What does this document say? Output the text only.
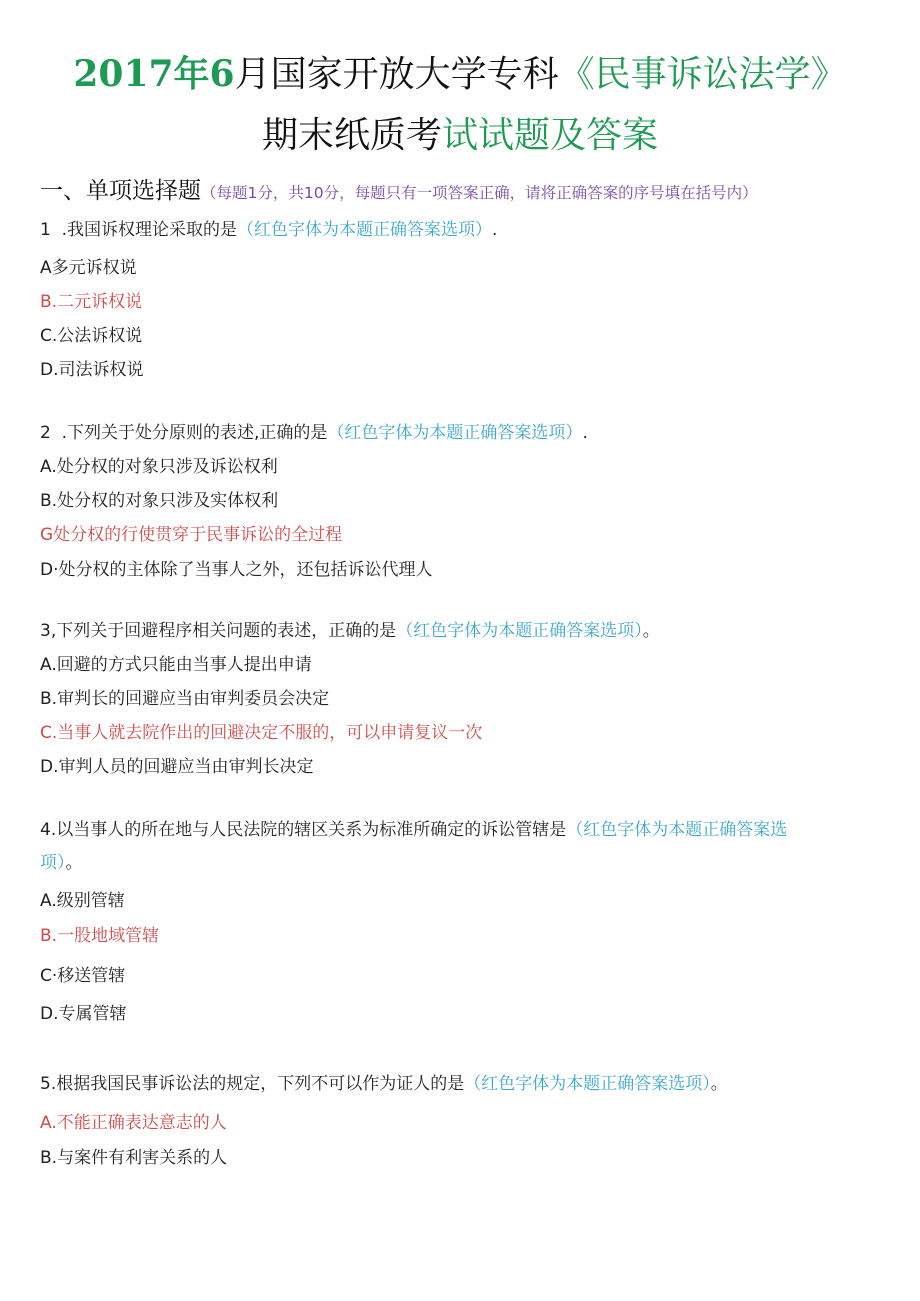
2017年6月国家开放大学专科《民事诉讼法学》
期末纸质考试试题及答案
一、单项选择题（每题1分，共10分，每题只有一项答案正确，请将正确答案的序号填在括号内）
1  .我国诉权理论采取的是（红色字体为本题正确答案选项）.
A多元诉权说
B.二元诉权说
C.公法诉权说
D.司法诉权说
2  .下列关于处分原则的表述,正确的是（红色字体为本题正确答案选项）.
A.处分权的对象只涉及诉讼权利
B.处分权的对象只涉及实体权利
G处分权的行使贯穿于民事诉讼的全过程
D·处分权的主体除了当事人之外，还包括诉讼代理人
3,下列关于回避程序相关问题的表述，正确的是（红色字体为本题正确答案选项）。
A.回避的方式只能由当事人提出申请
B.审判长的回避应当由审判委员会决定
C.当事人就去院作出的回避决定不服的，可以申请复议一次
D.审判人员的回避应当由审判长决定
4.以当事人的所在地与人民法院的辖区关系为标准所确定的诉讼管辖是（红色字体为本题正确答案选
项）。
A.级别管辖
B.一股地域管辖
C·移送管辖
D.专属管辖
5.根据我国民事诉讼法的规定，下列不可以作为证人的是（红色字体为本题正确答案选项）。
A.不能正确表达意志的人
B.与案件有利害关系的人
